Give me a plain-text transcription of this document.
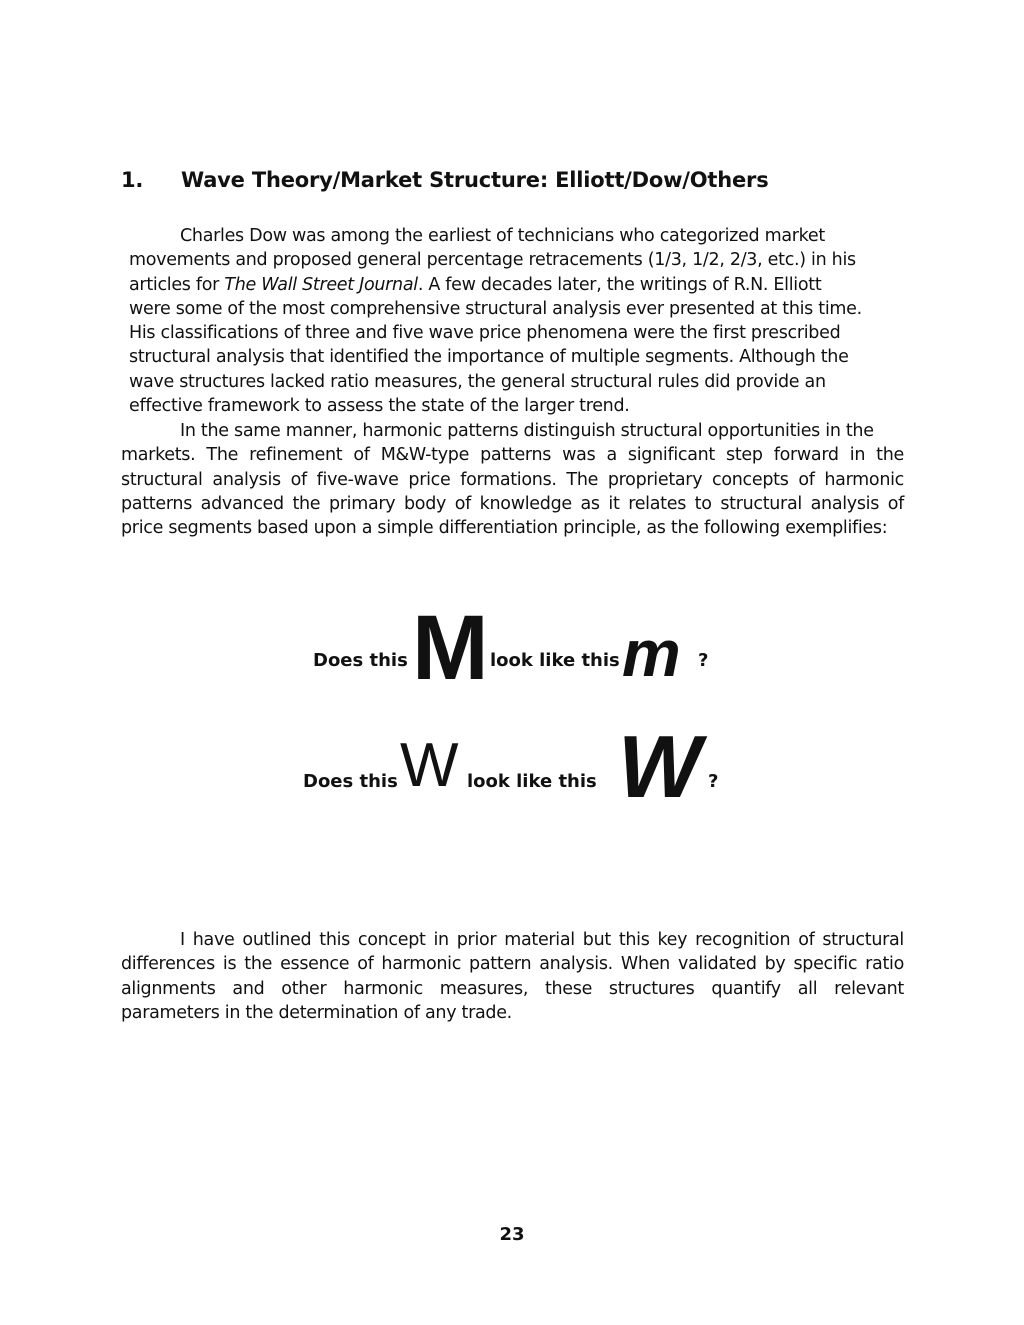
1. Wave Theory/Market Structure: Elliott/Dow/Others
Charles Dow was among the earliest of technicians who categorized market
movements and proposed general percentage retracements (1/3, 1/2, 2/3, etc.) in his
articles for The Wall Street Journal. A few decades later, the writings of R.N. Elliott
were some of the most comprehensive structural analysis ever presented at this time.
His classifications of three and five wave price phenomena were the first prescribed
structural analysis that identified the importance of multiple segments. Although the
wave structures lacked ratio measures, the general structural rules did provide an
effective framework to assess the state of the larger trend.
In the same manner, harmonic patterns distinguish structural opportunities in the
markets. The refinement of M&W-type patterns was a significant step forward in the
structural analysis of five-wave price formations. The proprietary concepts of harmonic
patterns advanced the primary body of knowledge as it relates to structural analysis of
price segments based upon a simple differentiation principle, as the following exemplifies:
Does this M look like this m ?
Does this W look like this W ?
I have outlined this concept in prior material but this key recognition of structural
differences is the essence of harmonic pattern analysis. When validated by specific ratio
alignments and other harmonic measures, these structures quantify all relevant
parameters in the determination of any trade.
23
